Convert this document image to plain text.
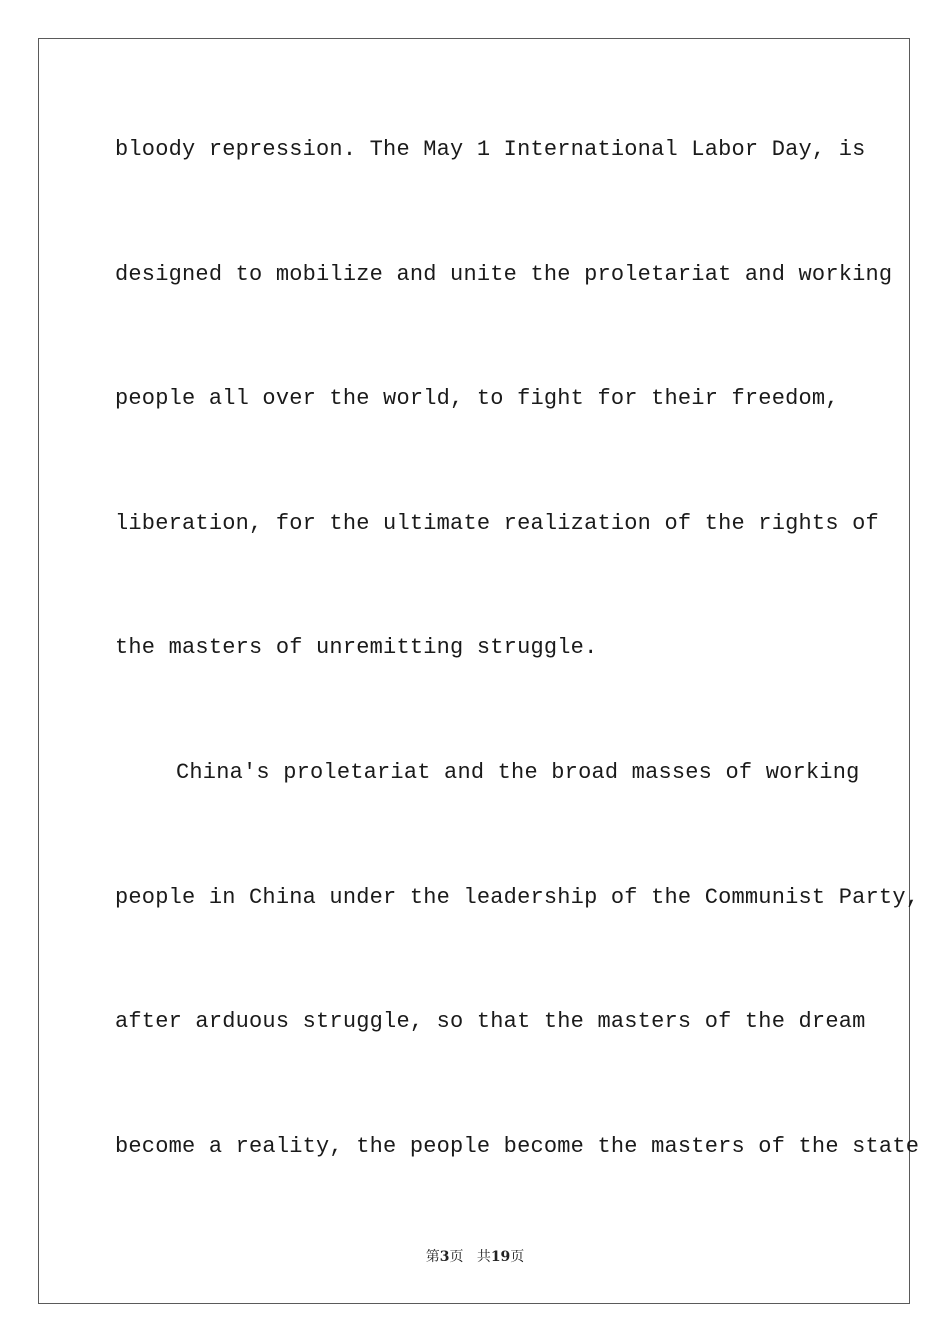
bloody repression. The May 1 International Labor Day, is
designed to mobilize and unite the proletariat and working
people all over the world, to fight for their freedom,
liberation, for the ultimate realization of the rights of
the masters of unremitting struggle.
China's proletariat and the broad masses of working
people in China under the leadership of the Communist Party,
after arduous struggle, so that the masters of the dream
become a reality, the people become the masters of the state
第3页 共19页
